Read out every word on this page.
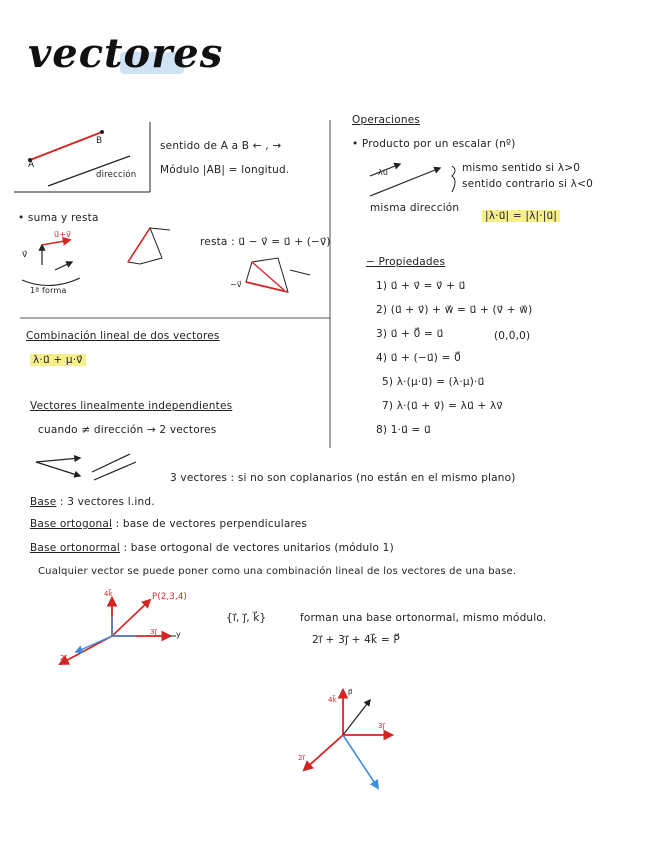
vectores
A
B
dirección
sentido de A a B ← , →
Módulo |AB| = longitud.
• suma y resta
1ª forma
resta : u⃗ − v⃗ = u⃗ + (−v⃗)
v⃗
u⃗+v⃗
−v⃗
Operaciones
• Producto por un escalar (nº)
λu⃗	mismo sentido si λ>0
sentido contrario si λ<0
misma dirección
|λ·u⃗| = |λ|·|u⃗|
− Propiedades
1) u⃗ + v⃗ = v⃗ + u⃗
2) (u⃗ + v⃗) + w⃗ = u⃗ + (v⃗ + w⃗)
3) u⃗ + 0⃗ = u⃗	(0,0,0)
4) u⃗ + (−u⃗) = 0⃗
5) λ·(μ·u⃗) = (λ·μ)·u⃗
7) λ·(u⃗ + v⃗) = λu⃗ + λv⃗
8) 1·u⃗ = u⃗
Combinación lineal de dos vectores
λ·u⃗ + μ·v⃗
Vectores linealmente independientes
cuando ≠ dirección → 2 vectores
3 vectores : si no son coplanarios (no están en el mismo plano)
Base : 3 vectores l.ind.
Base ortogonal : base de vectores perpendiculares
Base ortonormal : base ortogonal de vectores unitarios (módulo 1)
Cualquier vector se puede poner como una combinación lineal de los vectores de una base.
P(2,3,4)
4k⃗
3j⃗
2i⃗
y
{i⃗, j⃗, k⃗}	forman una base ortonormal, mismo módulo.
2i⃗ + 3j⃗ + 4k⃗ = P⃗
p⃗
4k⃗
3j⃗
2i⃗
